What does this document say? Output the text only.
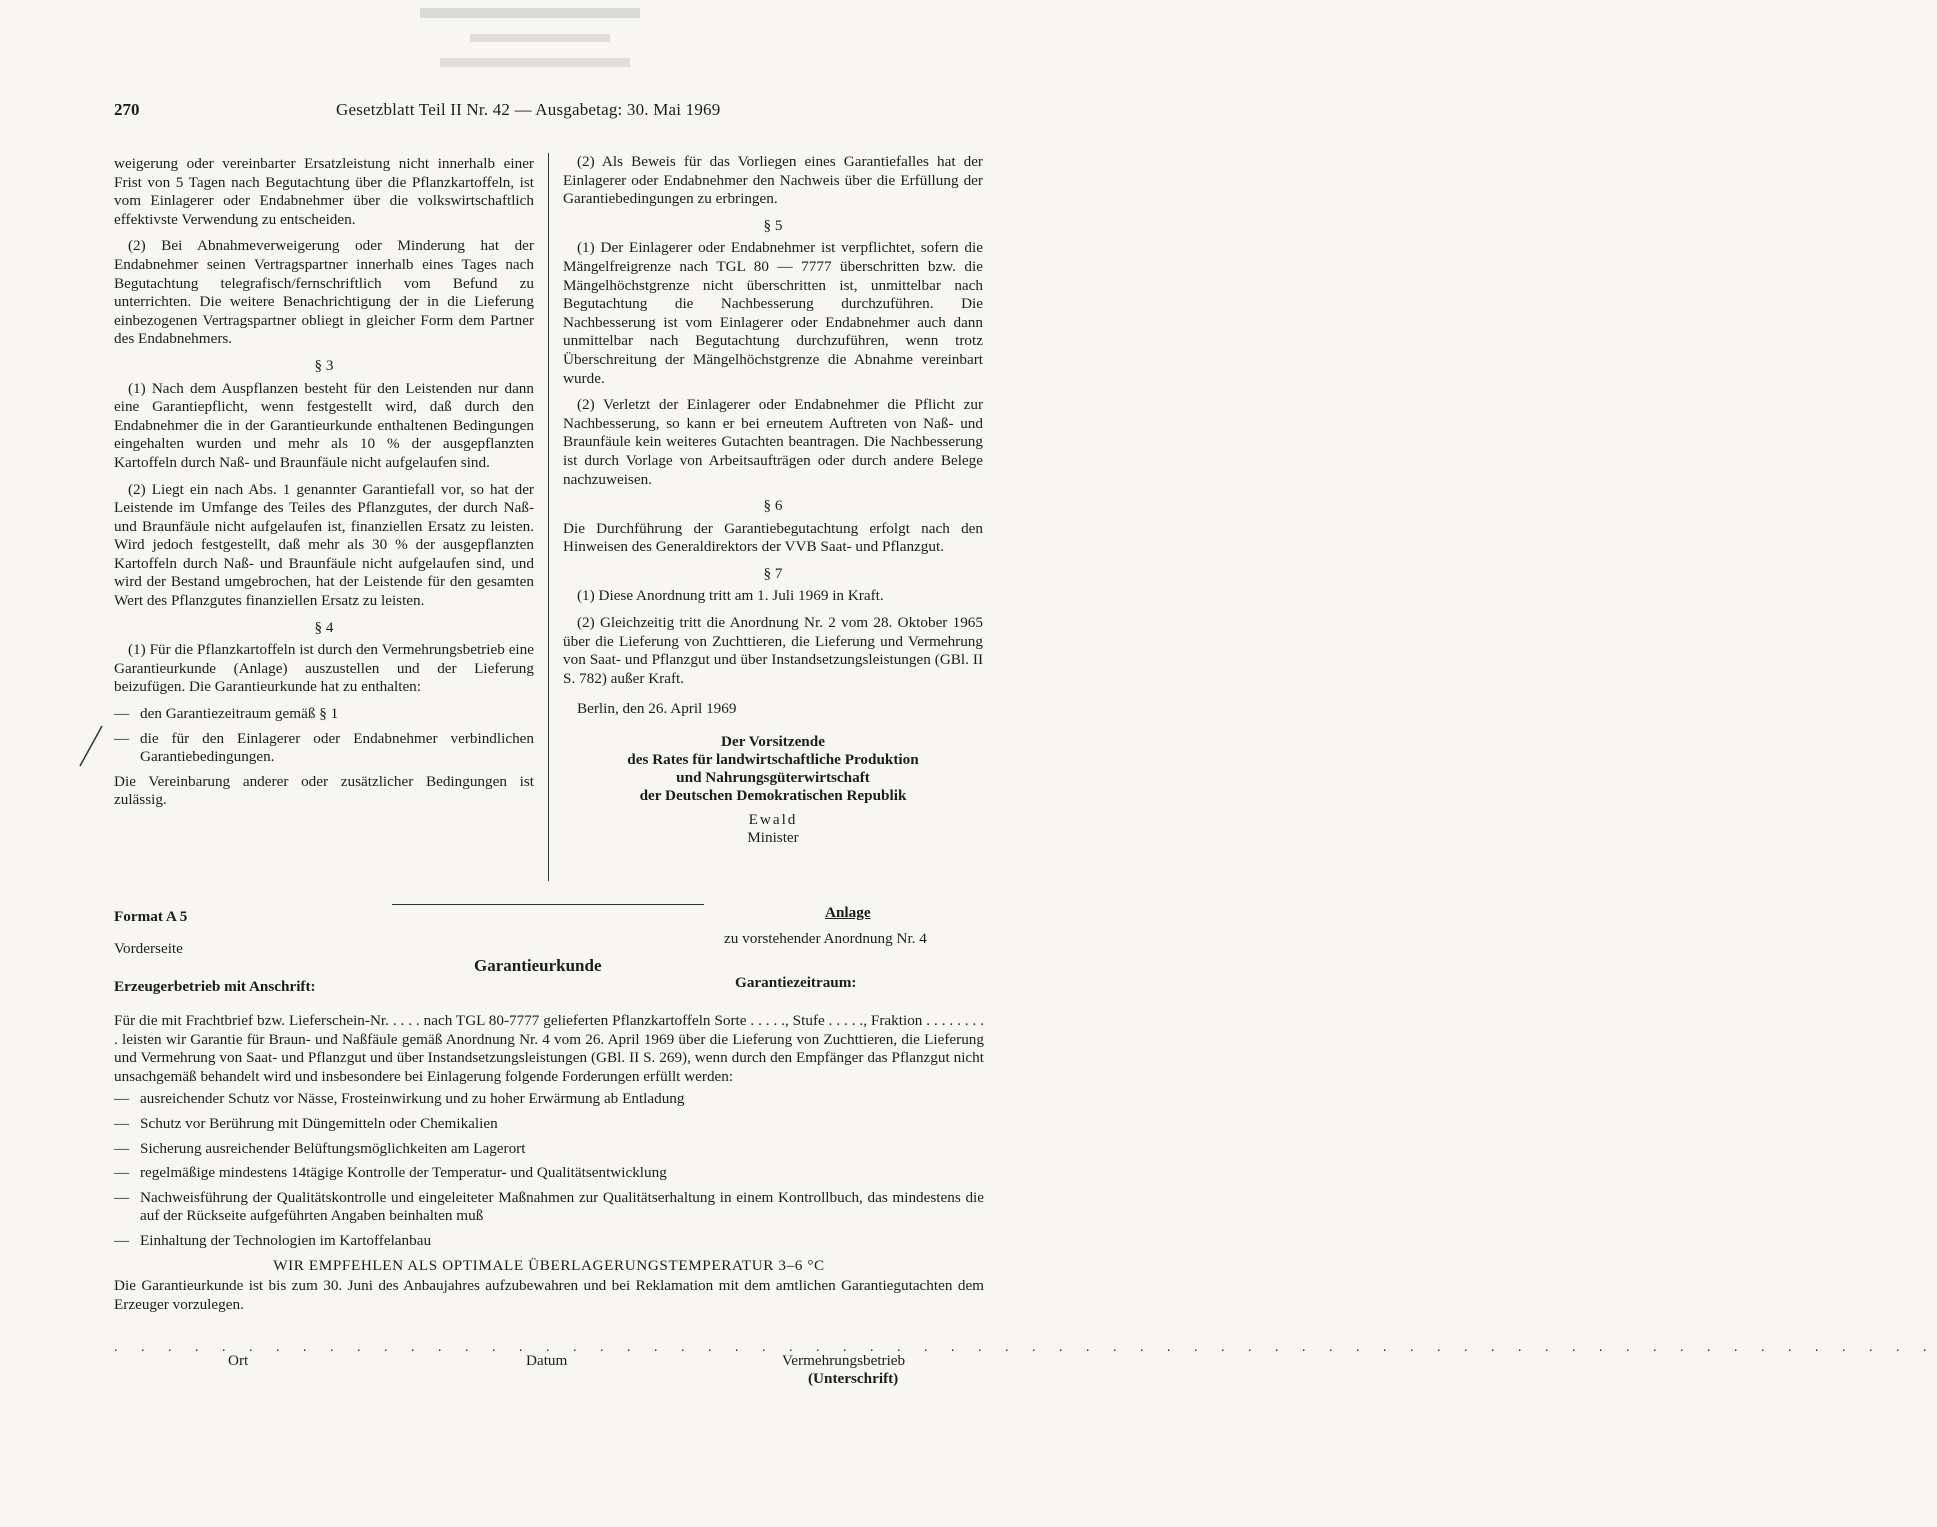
270	Gesetzblatt Teil II Nr. 42 — Ausgabetag: 30. Mai 1969

weigerung oder vereinbarter Ersatzleistung nicht innerhalb einer Frist von 5 Tagen nach Begutachtung über die Pflanzkartoffeln, ist vom Einlagerer oder Endabnehmer über die volkswirtschaftlich effektivste Verwendung zu entscheiden.

(2) Bei Abnahmeverweigerung oder Minderung hat der Endabnehmer seinen Vertragspartner innerhalb eines Tages nach Begutachtung telegrafisch/fernschriftlich vom Befund zu unterrichten. Die weitere Benachrichtigung der in die Lieferung einbezogenen Vertragspartner obliegt in gleicher Form dem Partner des Endabnehmers.

§ 3

(1) Nach dem Auspflanzen besteht für den Leistenden nur dann eine Garantiepflicht, wenn festgestellt wird, daß durch den Endabnehmer die in der Garantieurkunde enthaltenen Bedingungen eingehalten wurden und mehr als 10 % der ausgepflanzten Kartoffeln durch Naß- und Braunfäule nicht aufgelaufen sind.

(2) Liegt ein nach Abs. 1 genannter Garantiefall vor, so hat der Leistende im Umfange des Teiles des Pflanzgutes, der durch Naß- und Braunfäule nicht aufgelaufen ist, finanziellen Ersatz zu leisten. Wird jedoch festgestellt, daß mehr als 30 % der ausgepflanzten Kartoffeln durch Naß- und Braunfäule nicht aufgelaufen sind, und wird der Bestand umgebrochen, hat der Leistende für den gesamten Wert des Pflanzgutes finanziellen Ersatz zu leisten.

§ 4

(1) Für die Pflanzkartoffeln ist durch den Vermehrungsbetrieb eine Garantieurkunde (Anlage) auszustellen und der Lieferung beizufügen. Die Garantieurkunde hat zu enthalten:

— den Garantiezeitraum gemäß § 1
— die für den Einlagerer oder Endabnehmer verbindlichen Garantiebedingungen.

Die Vereinbarung anderer oder zusätzlicher Bedingungen ist zulässig.

(2) Als Beweis für das Vorliegen eines Garantiefalles hat der Einlagerer oder Endabnehmer den Nachweis über die Erfüllung der Garantiebedingungen zu erbringen.

§ 5

(1) Der Einlagerer oder Endabnehmer ist verpflichtet, sofern die Mängelfreigrenze nach TGL 80 — 7777 überschritten bzw. die Mängelhöchstgrenze nicht überschritten ist, unmittelbar nach Begutachtung die Nachbesserung durchzuführen. Die Nachbesserung ist vom Einlagerer oder Endabnehmer auch dann unmittelbar nach Begutachtung durchzuführen, wenn trotz Überschreitung der Mängelhöchstgrenze die Abnahme vereinbart wurde.

(2) Verletzt der Einlagerer oder Endabnehmer die Pflicht zur Nachbesserung, so kann er bei erneutem Auftreten von Naß- und Braunfäule kein weiteres Gutachten beantragen. Die Nachbesserung ist durch Vorlage von Arbeitsaufträgen oder durch andere Belege nachzuweisen.

§ 6

Die Durchführung der Garantiebegutachtung erfolgt nach den Hinweisen des Generaldirektors der VVB Saat- und Pflanzgut.

§ 7

(1) Diese Anordnung tritt am 1. Juli 1969 in Kraft.

(2) Gleichzeitig tritt die Anordnung Nr. 2 vom 28. Oktober 1965 über die Lieferung von Zuchttieren, die Lieferung und Vermehrung von Saat- und Pflanzgut und über Instandsetzungsleistungen (GBl. II S. 782) außer Kraft.

Berlin, den 26. April 1969

Der Vorsitzende
des Rates für landwirtschaftliche Produktion
und Nahrungsgüterwirtschaft
der Deutschen Demokratischen Republik
Ewald
Minister
Anlage
zu vorstehender Anordnung Nr. 4
Format A 5
Vorderseite
Garantieurkunde
Erzeugerbetrieb mit Anschrift:	Garantiezeitraum:

Für die mit Frachtbrief bzw. Lieferschein-Nr. . . . . nach TGL 80-7777 gelieferten Pflanzkartoffeln Sorte . . . . ., Stufe . . . . ., Fraktion . . . . . . . . . leisten wir Garantie für Braun- und Naßfäule gemäß Anordnung Nr. 4 vom 26. April 1969 über die Lieferung von Zuchttieren, die Lieferung und Vermehrung von Saat- und Pflanzgut und über Instandsetzungsleistungen (GBl. II S. 269), wenn durch den Empfänger das Pflanzgut nicht unsachgemäß behandelt wird und insbesondere bei Einlagerung folgende Forderungen erfüllt werden:

— ausreichender Schutz vor Nässe, Frosteinwirkung und zu hoher Erwärmung ab Entladung
— Schutz vor Berührung mit Düngemitteln oder Chemikalien
— Sicherung ausreichender Belüftungsmöglichkeiten am Lagerort
— regelmäßige mindestens 14tägige Kontrolle der Temperatur- und Qualitätsentwicklung
— Nachweisführung der Qualitätskontrolle und eingeleiteter Maßnahmen zur Qualitätserhaltung in einem Kontrollbuch, das mindestens die auf der Rückseite aufgeführten Angaben beinhalten muß
— Einhaltung der Technologien im Kartoffelanbau
WIR EMPFEHLEN ALS OPTIMALE ÜBERLAGERUNGSTEMPERATUR 3–6 °C

Die Garantieurkunde ist bis zum 30. Juni des Anbaujahres aufzubewahren und bei Reklamation mit dem amtlichen Garantiegutachten dem Erzeuger vorzulegen.

. . . . . . . . . . . . . . . . . . . . . . . . . . . . . . . . . . . . . . . . . . . . . . . . . . . . . . . . . . . . . . . . . . . .
Ort	Datum	Vermehrungsbetrieb
(Unterschrift)
